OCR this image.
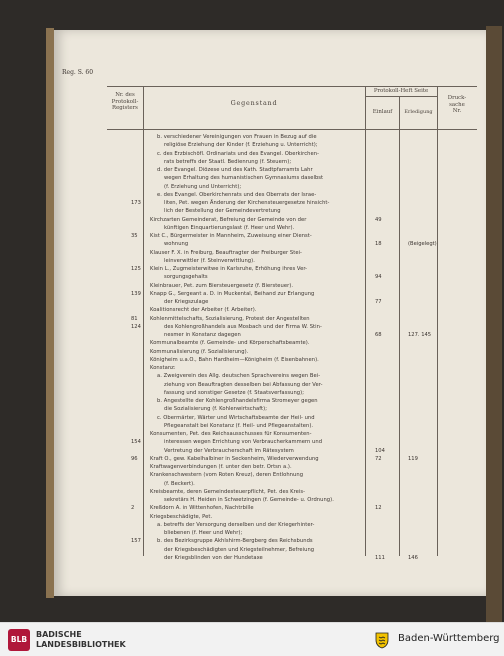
Reg. S. 60
Nr. des
Protokoll-
Registers
Gegenstand
Protokoll-Heft Seite
Einlauf	Erledigung
Druck-
sache
Nr.
b. verschiedener Vereinigungen von Frauen in Bezug auf die
religiöse Erziehung der Kinder (f. Erziehung u. Unterricht);
c. des Erzbischöfl. Ordinariats und des Evangel. Oberkirchen-
rats betreffs der Staatl. Bedienrung (f. Steuern);
d. der Evangel. Diözese und des Kath. Stadtpfarramts Lahr
wegen Erhaltung des humanistischen Gymnasiums daselbst
(f. Erziehung und Unterricht);
e. des Evangel. Oberkirchenrats und des Oberrats der Israe-
liten, Pet. wegen Änderung der Kirchensteuergesetze hinsicht-
lich der Bestellung der Gemeindevertretung
Kirchzarten Gemeinderat, Befreiung der Gemeinde von der
künftigen Einquartierungslast (f. Heer und Wehr).
Kist C., Bürgermeister in Mannheim, Zuweisung einer Dienst-
wohnung
Klauser F. X. in Freiburg, Beauftragter der Freiburger Stei-
leinverwittler (f. Steinverwittlung).
Klein L., Zugmeisterwitwe in Karlsruhe, Erhöhung ihres Ver-
sorgungsgehalts
Kleinbrauer, Pet. zum Biersteuergesetz (f. Biersteuer).
Knapp G., Sergeant a. D. in Muckental, Beihand zur Erlangung
der Kriegszulage
Koalitionsrecht der Arbeiter (f. Arbeiter).
Kohlenmittelschafts, Sozialisierung, Protest der Angestellten
des Kohlengroßhandels aus Mosbach und der Firma W. Stin-
nesmer in Konstanz dagegen
Kommunalbeamte (f. Gemeinde- und Körperschaftsbeamte).
Kommunalisierung (f. Sozialisierung).
Königheim u.a.O., Bahn Hardheim—Königheim (f. Eisenbahnen).
Konstanz:
a. Zweigverein des Allg. deutschen Sprachvereins wegen Bei-
ziehung von Beauftragten desselben bei Abfassung der Ver-
fassung und sonstiger Gesetze (f. Staatsverfassung);
b. Angestellte der Kohlengroßhandelsfirma Stromeyer gegen
die Sozialisierung (f. Kohlenwirtschaft);
c. Obermärter, Wärter und Wirtschaftsbeamte der Heil- und
Pflegeanstalt bei Konstanz (f. Heil- und Pflegeanstalten).
Konsumenten, Pet. des Reichsausschusses für Konsumenten-
interessen wegen Errichtung von Verbraucherkammern und
Vertretung der Verbraucherschaft im Rätesystem
Kraft O., gew. Kabelhalbiner in Seckenheim, Wiederverwendung
Kraftwagenverbindungen (f. unter den betr. Ortsn a.).
Krankenschwestern (vom Roten Kreuz), deren Entlohnung
(f. Beckert).
Kreisbeamte, deren Gemeindesteuerpflicht, Pet. des Kreis-
sekretärs H. Heiden in Schwetzingen (f. Gemeinde- u. Ordnung).
Kreßdorn A. in Wittenhofen, Nachtrbille
Kriegsbeschädigte, Pet.
a. betreffs der Versorgung derselben und der Kriegerhinter-
bliebenen (f. Heer und Wehr);
b. des Bezirksgruppe Akhlshirm-Bergberg des Reichsbunds
der Kriegsbeschädigten und Kriegsteilnehmer, Befreiung
der Kriegsblinden von der Hundetaxe
173
35
125
139
81
124
154
96
2
157
49
18
94
77
68
104
72
12
111
(Beigelegt)
127. 145
119
146
BLB
BADISCHE
LANDESBIBLIOTHEK
Baden-Württemberg
